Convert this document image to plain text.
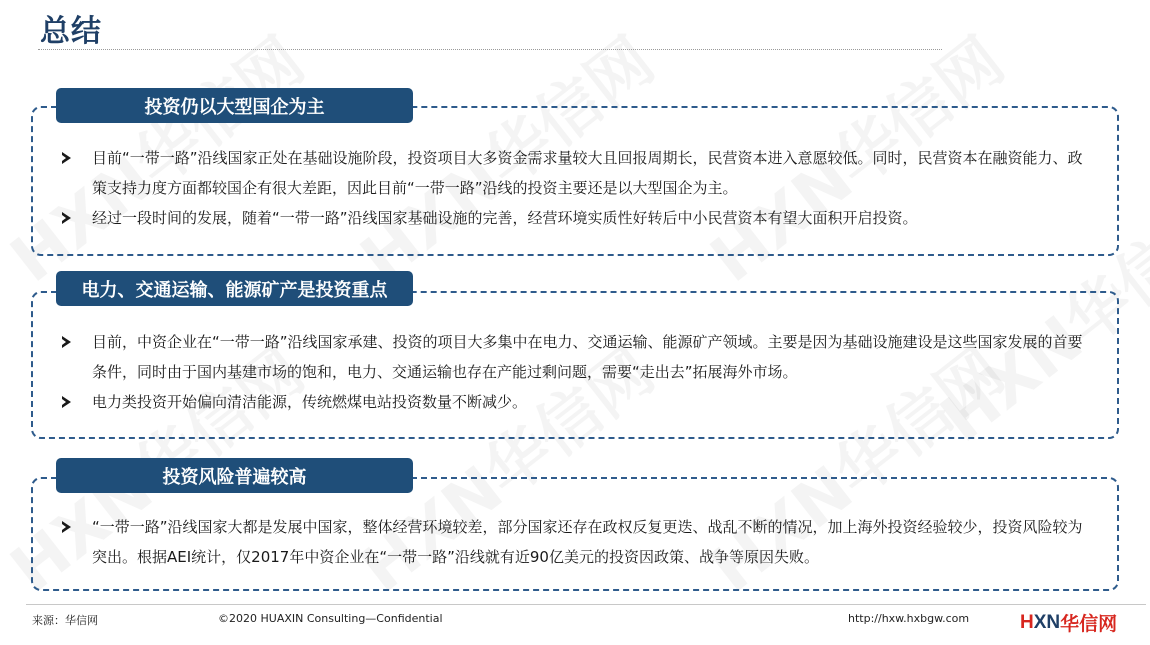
总结
投资仍以大型国企为主
目前“一带一路”沿线国家正处在基础设施阶段，投资项目大多资金需求量较大且回报周期长，民营资本进入意愿较低。同时，民营资本在融资能力、政策支持力度方面都较国企有很大差距，因此目前“一带一路”沿线的投资主要还是以大型国企为主。
经过一段时间的发展，随着“一带一路”沿线国家基础设施的完善，经营环境实质性好转后中小民营资本有望大面积开启投资。
电力、交通运输、能源矿产是投资重点
目前，中资企业在“一带一路”沿线国家承建、投资的项目大多集中在电力、交通运输、能源矿产领域。主要是因为基础设施建设是这些国家发展的首要条件，同时由于国内基建市场的饱和，电力、交通运输也存在产能过剩问题，需要“走出去”拓展海外市场。
电力类投资开始偏向清洁能源，传统燃煤电站投资数量不断减少。
投资风险普遍较高
“一带一路”沿线国家大都是发展中国家，整体经营环境较差，部分国家还存在政权反复更迭、战乱不断的情况，加上海外投资经验较少，投资风险较为突出。根据AEI统计，仅2017年中资企业在“一带一路”沿线就有近90亿美元的投资因政策、战争等原因失败。
来源：华信网	©2020 HUAXIN Consulting—Confidential	http://hxw.hxbgw.com	H XN 华信网
